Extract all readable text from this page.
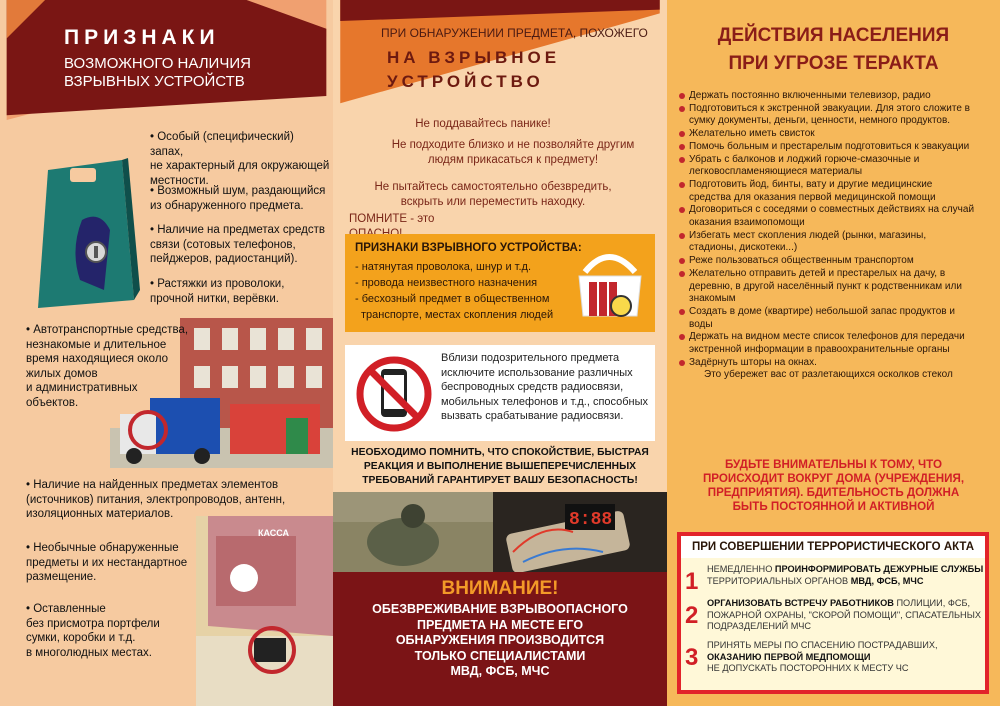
ПРИЗНАКИ
ВОЗМОЖНОГО НАЛИЧИЯ
ВЗРЫВНЫХ УСТРОЙСТВ
• Особый (специфический) запах,
не характерный для окружающей
местности.
• Возможный шум, раздающийся
из обнаруженного предмета.
• Наличие на предметах средств
связи (сотовых телефонов,
пейджеров, радиостанций).
• Растяжки из проволоки,
прочной нитки, верёвки.
• Автотранспортные средства,
незнакомые и длительное
время находящиеся около
жилых домов
и административных
объектов.
• Наличие на найденных предметах элементов
(источников) питания, электропроводов, антенн,
изоляционных материалов.
КАССА
• Необычные обнаруженные
предметы и их нестандартное
размещение.
• Оставленные
без присмотра портфели
сумки, коробки и т.д.
в многолюдных местах.
ПРИ ОБНАРУЖЕНИИ ПРЕДМЕТА, ПОХОЖЕГО
НА ВЗРЫВНОЕ
УСТРОЙСТВО
Не поддавайтесь панике!
Не подходите близко и не позволяйте другим
людям прикасаться к предмету!
Не пытайтесь самостоятельно обезвредить,
вскрыть или переместить находку.
ПОМНИТЕ - это
ПРИЗНАКИ ВЗРЫВНОГО УСТРОЙСТВА:
- натянутая проволока, шнур и т.д.
- провода неизвестного назначения
- бесхозный предмет в общественном
транспорте, местах скопления людей
Вблизи подозрительного предмета
исключите использование различных
беспроводных средств радиосвязи,
мобильных телефонов и т.д., способных
вызвать срабатывание радиосвязи.
НЕОБХОДИМО ПОМНИТЬ, ЧТО СПОКОЙСТВИЕ, БЫСТРАЯ
РЕАКЦИЯ И ВЫПОЛНЕНИЕ ВЫШЕПЕРЕЧИСЛЕННЫХ
ТРЕБОВАНИЙ ГАРАНТИРУЕТ ВАШУ БЕЗОПАСНОСТЬ!
8:88
ВНИМАНИЕ!
ОБЕЗВРЕЖИВАНИЕ ВЗРЫВООПАСНОГО
ПРЕДМЕТА НА МЕСТЕ ЕГО
ОБНАРУЖЕНИЯ ПРОИЗВОДИТСЯ
ТОЛЬКО СПЕЦИАЛИСТАМИ
МВД, ФСБ, МЧС
ДЕЙСТВИЯ НАСЕЛЕНИЯ
ПРИ УГРОЗЕ ТЕРАКТА
Держать постоянно включенными телевизор, радио
Подготовиться к экстренной эвакуации. Для этого сложите в
сумку документы, деньги, ценности, немного продуктов.
Желательно иметь свисток
Помочь больным и престарелым подготовиться к эвакуации
Убрать с балконов и лоджий горюче-смазочные и
легковоспламеняющиеся материалы
Подготовить йод, бинты, вату и другие медицинские
средства для оказания первой медицинской помощи
Договориться с соседями о совместных действиях на случай
оказания взаимопомощи
Избегать мест скопления людей (рынки, магазины,
стадионы, дискотеки...)
Реже пользоваться общественным транспортом
Желательно отправить детей и престарелых на дачу, в
деревню, в другой населённый пункт к родственникам или
знакомым
Создать в доме (квартире) небольшой запас продуктов и
воды
Держать на видном месте список телефонов для передачи
экстренной информации в правоохранительные органы
Задёрнуть шторы на окнах.
Это убережет вас от разлетающихся осколков стекол
БУДЬТЕ ВНИМАТЕЛЬНЫ К ТОМУ, ЧТО
ПРОИСХОДИТ ВОКРУГ ДОМА (УЧРЕЖДЕНИЯ,
ПРЕДПРИЯТИЯ). БДИТЕЛЬНОСТЬ ДОЛЖНА
БЫТЬ ПОСТОЯННОЙ И АКТИВНОЙ
ПРИ СОВЕРШЕНИИ ТЕРРОРИСТИЧЕСКОГО АКТА
1 НЕМЕДЛЕННО ПРОИНФОРМИРОВАТЬ ДЕЖУРНЫЕ СЛУЖБЫ
ТЕРРИТОРИАЛЬНЫХ ОРГАНОВ МВД, ФСБ, МЧС
2 ОРГАНИЗОВАТЬ ВСТРЕЧУ РАБОТНИКОВ ПОЛИЦИИ, ФСБ,
ПОЖАРНОЙ ОХРАНЫ, "СКОРОЙ ПОМОЩИ", СПАСАТЕЛЬНЫХ
ПОДРАЗДЕЛЕНИЙ МЧС
3 ПРИНЯТЬ МЕРЫ ПО СПАСЕНИЮ ПОСТРАДАВШИХ,
ОКАЗАНИЮ ПЕРВОЙ МЕДПОМОЩИ
НЕ ДОПУСКАТЬ ПОСТОРОННИХ К МЕСТУ ЧС
